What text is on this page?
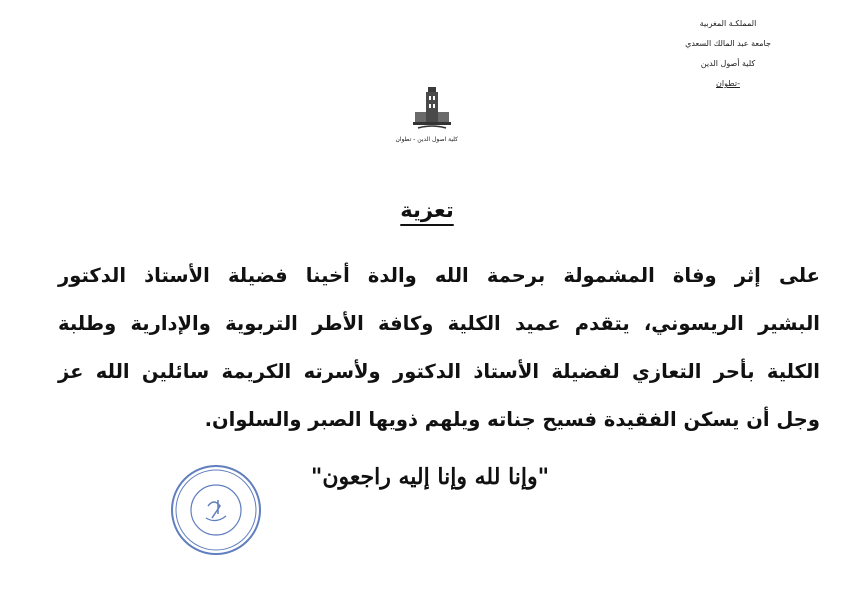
المملكـة المغربية
جامعة عبد المالك السعدي
كلية أصول الدين
-تطوان
كلية اصول الدين - تطوان
تعزية
على إثر وفاة المشمولة برحمة الله والدة أخينا فضيلة الأستاذ الدكتور
البشير الريسوني، يتقدم عميد الكلية وكافة الأطر التربوية والإدارية وطلبة
الكلية بأحر التعازي لفضيلة الأستاذ الدكتور ولأسرته الكريمة سائلين الله عز
وجل أن يسكن الفقيدة فسيح جناته ويلهم ذويها الصبر والسلوان.
"وإنا لله وإنا إليه راجعون"
